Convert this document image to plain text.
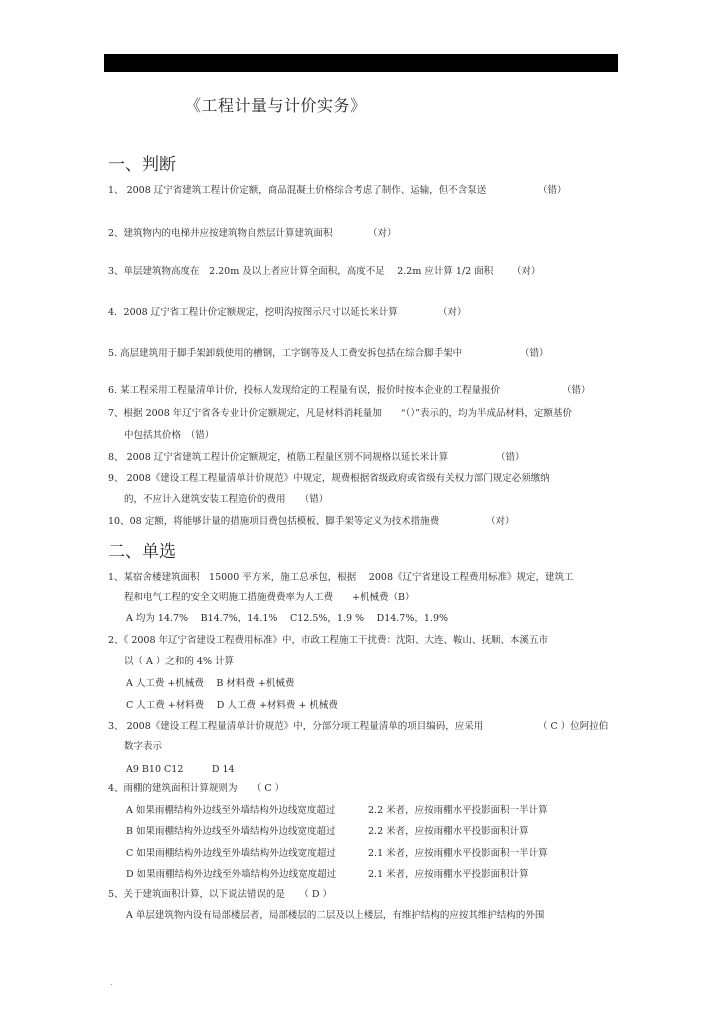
《工程计量与计价实务》
一、判断
1、 2008 辽宁省建筑工程计价定额，商品混凝土价格综合考虑了制作、运输，但不含泵送	（错）
2、建筑物内的电梯井应按建筑物自然层计算建筑面积	（对）
3、单层建筑物高度在　2.20m 及以上者应计算全面积，高度不足　 2.2m 应计算 1/2 面积 （对）
4．2008 辽宁省工程计价定额规定，挖明沟按图示尺寸以延长米计算	（对）
5. 高层建筑用于脚手架卸载使用的槽钢，工字钢等及人工费安拆包括在综合脚手架中	（错）
6. 某工程采用工程量清单计价，投标人发现给定的工程量有误，报价时按本企业的工程量报价	（错）
7、根据 2008 年辽宁省各专业计价定额规定，凡是材料消耗量加　　“（）”表示的，均为半成品材料，定额基价
中包括其价格　 （错）
8、 2008 辽宁省建筑工程计价定额规定，植筋工程量区别不同规格以延长米计算	（错）
9、 2008《建设工程工程量清单计价规范》中规定，规费根据省级政府或省级有关权力部门规定必须缴纳
的，不应计入建筑安装工程造价的费用　　 （错）
10、08 定额，将能够计量的措施项目费包括模板、脚手架等定义为技术措施费	（对）
二、单选
1、某宿舍楼建筑面积　15000 平方米，施工总承包，根据　 2008《辽宁省建设工程费用标准》规定，建筑工
程和电气工程的安全文明施工措施费费率为人工费　　+机械费（B）
A 均为 14.7%　 B14.7%，14.1%　 C12.5%，1.9 %　 D14.7%，1.9%
2、《 2008 年辽宁省建设工程费用标准》中，市政工程施工干扰费：沈阳、大连、鞍山、抚顺、本溪五市
以（ A ）之和的 4% 计算
A 人工费 +机械费　 B 材料费 +机械费
C 人工费 +材料费　 D 人工费 +材料费 + 机械费
3、 2008《建设工程工程量清单计价规范》中，分部分项工程量清单的项目编码，应采用	（ C ）位阿拉伯
数字表示
A9 B10 C12　　　D 14
4、雨棚的建筑面积计算规则为　　（ C ）
A 如果雨棚结构外边线至外墙结构外边线宽度超过	2.2 米者，应按雨棚水平投影面积一半计算
B 如果雨棚结构外边线至外墙结构外边线宽度超过	2.2 米者，应按雨棚水平投影面积计算
C 如果雨棚结构外边线至外墙结构外边线宽度超过	2.1 米者，应按雨棚水平投影面积一半计算
D 如果雨棚结构外边线至外墙结构外边线宽度超过	2.1 米者，应按雨棚水平投影面积计算
5、关于建筑面积计算，以下说法错误的是　　（ D ）
A 单层建筑物内设有局部楼层者，局部楼层的二层及以上楼层，有维护结构的应按其维护结构的外围
.
